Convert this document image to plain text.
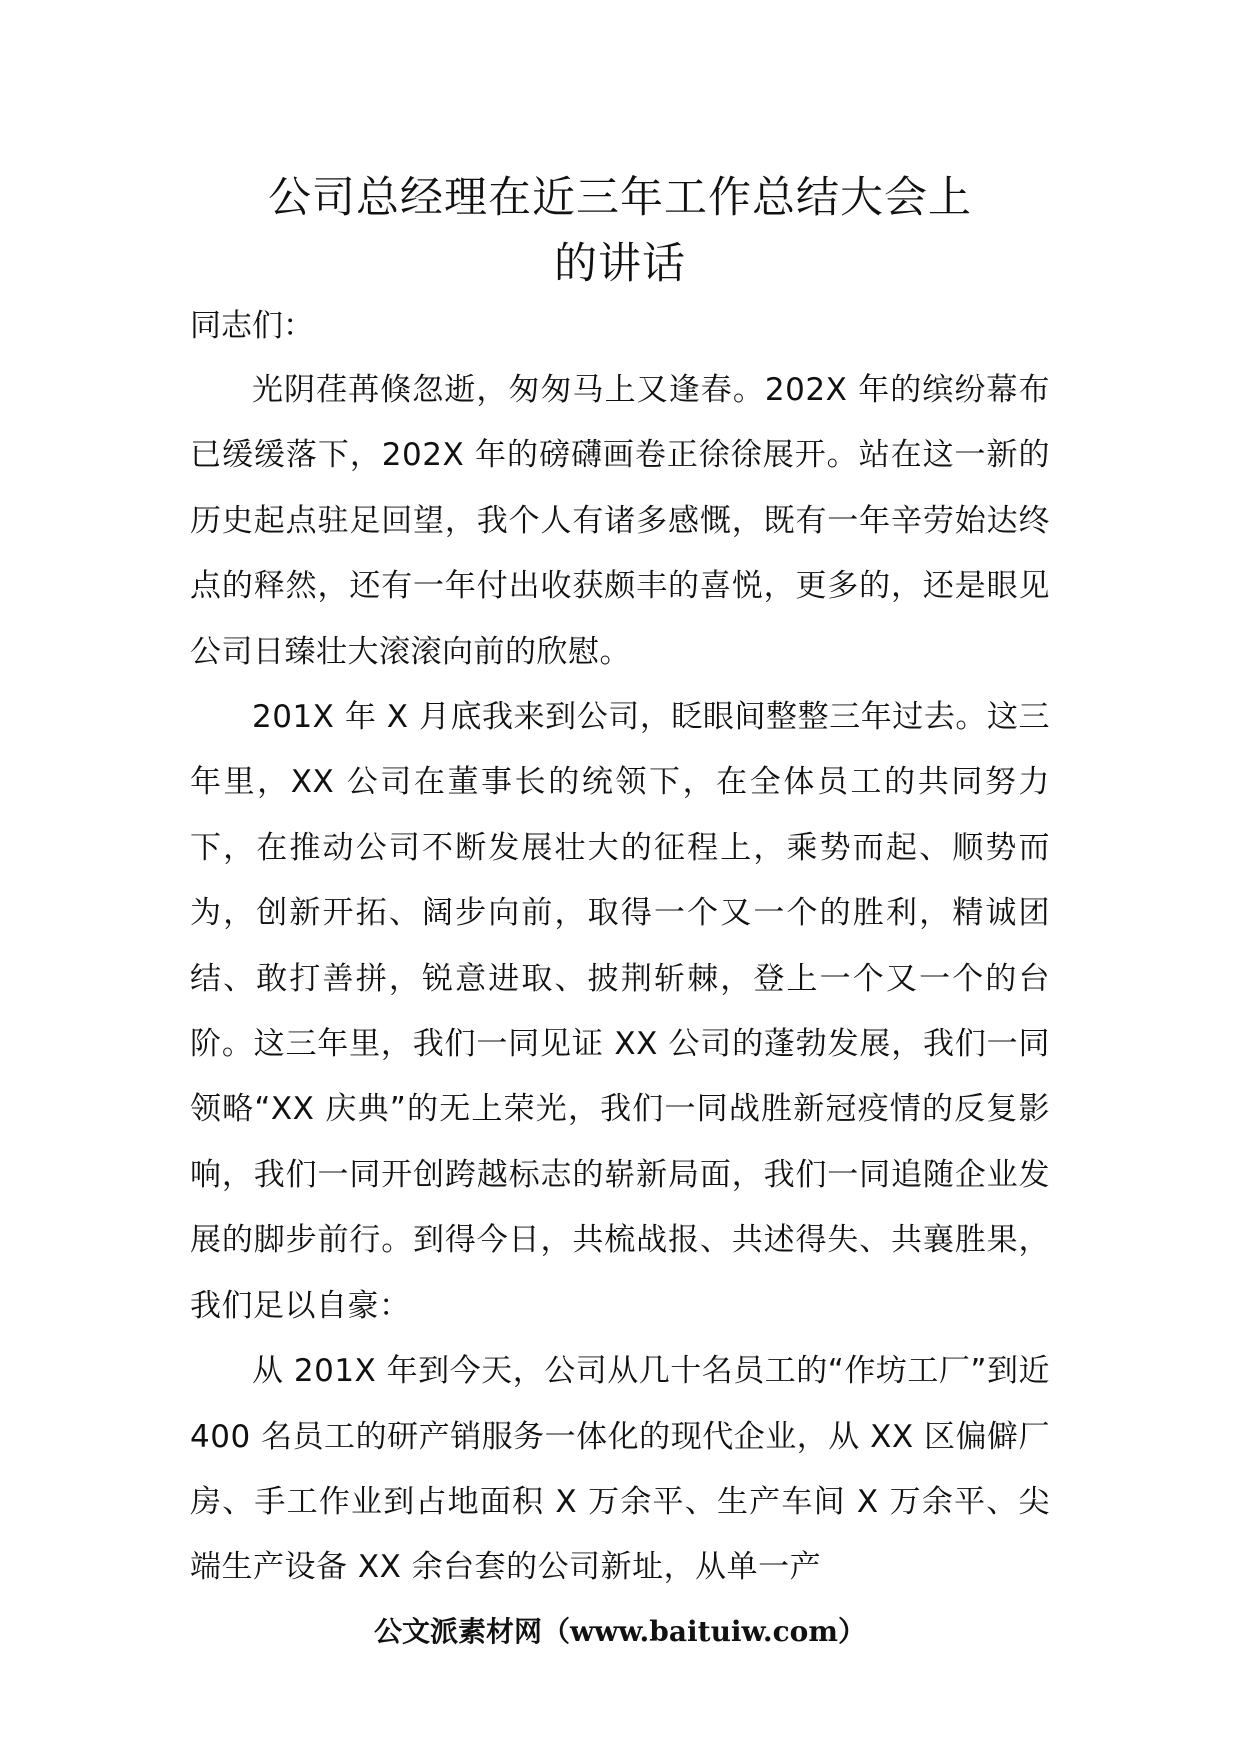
公司总经理在近三年工作总结大会上
的讲话
同志们：

光阴荏苒倏忽逝，匆匆马上又逢春。202X 年的缤纷幕布已缓缓落下，202X 年的磅礴画卷正徐徐展开。站在这一新的历史起点驻足回望，我个人有诸多感慨，既有一年辛劳始达终点的释然，还有一年付出收获颇丰的喜悦，更多的，还是眼见公司日臻壮大滚滚向前的欣慰。

201X 年 X 月底我来到公司，眨眼间整整三年过去。这三年里，XX 公司在董事长的统领下，在全体员工的共同努力下，在推动公司不断发展壮大的征程上，乘势而起、顺势而为，创新开拓、阔步向前，取得一个又一个的胜利，精诚团结、敢打善拼，锐意进取、披荆斩棘，登上一个又一个的台阶。这三年里，我们一同见证 XX 公司的蓬勃发展，我们一同领略“XX 庆典”的无上荣光，我们一同战胜新冠疫情的反复影响，我们一同开创跨越标志的崭新局面，我们一同追随企业发展的脚步前行。到得今日，共梳战报、共述得失、共襄胜果，我们足以自豪：

从 201X 年到今天，公司从几十名员工的“作坊工厂”到近 400 名员工的研产销服务一体化的现代企业，从 XX 区偏僻厂房、手工作业到占地面积 X 万余平、生产车间 X 万余平、尖端生产设备 XX 余台套的公司新址，从单一产

公文派素材网（www.baituiw.com）
